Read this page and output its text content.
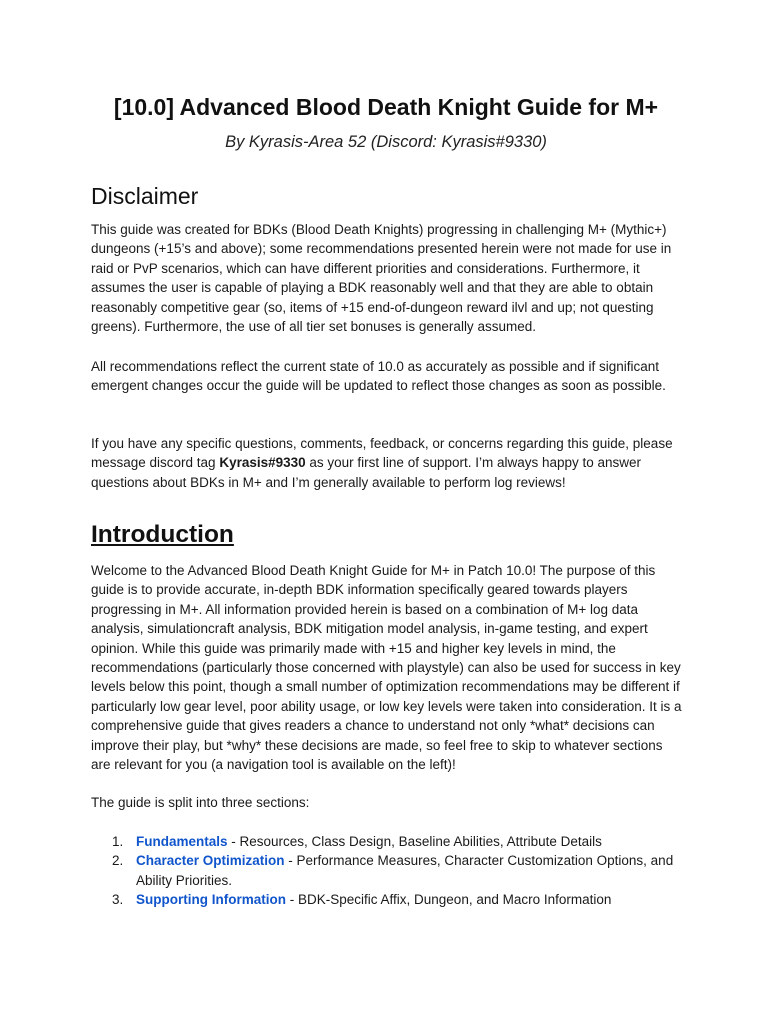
[10.0] Advanced Blood Death Knight Guide for M+

By Kyrasis-Area 52 (Discord: Kyrasis#9330)

Disclaimer

This guide was created for BDKs (Blood Death Knights) progressing in challenging M+ (Mythic+) dungeons (+15’s and above); some recommendations presented herein were not made for use in raid or PvP scenarios, which can have different priorities and considerations. Furthermore, it assumes the user is capable of playing a BDK reasonably well and that they are able to obtain reasonably competitive gear (so, items of +15 end-of-dungeon reward ilvl and up; not questing greens). Furthermore, the use of all tier set bonuses is generally assumed.

All recommendations reflect the current state of 10.0 as accurately as possible and if significant emergent changes occur the guide will be updated to reflect those changes as soon as possible.

If you have any specific questions, comments, feedback, or concerns regarding this guide, please message discord tag Kyrasis#9330 as your first line of support. I’m always happy to answer questions about BDKs in M+ and I’m generally available to perform log reviews!

Introduction

Welcome to the Advanced Blood Death Knight Guide for M+ in Patch 10.0! The purpose of this guide is to provide accurate, in-depth BDK information specifically geared towards players progressing in M+. All information provided herein is based on a combination of M+ log data analysis, simulationcraft analysis, BDK mitigation model analysis, in-game testing, and expert opinion. While this guide was primarily made with +15 and higher key levels in mind, the recommendations (particularly those concerned with playstyle) can also be used for success in key levels below this point, though a small number of optimization recommendations may be different if particularly low gear level, poor ability usage, or low key levels were taken into consideration. It is a comprehensive guide that gives readers a chance to understand not only *what* decisions can improve their play, but *why* these decisions are made, so feel free to skip to whatever sections are relevant for you (a navigation tool is available on the left)!

The guide is split into three sections:

1. Fundamentals - Resources, Class Design, Baseline Abilities, Attribute Details
2. Character Optimization - Performance Measures, Character Customization Options, and Ability Priorities.
3. Supporting Information - BDK-Specific Affix, Dungeon, and Macro Information
